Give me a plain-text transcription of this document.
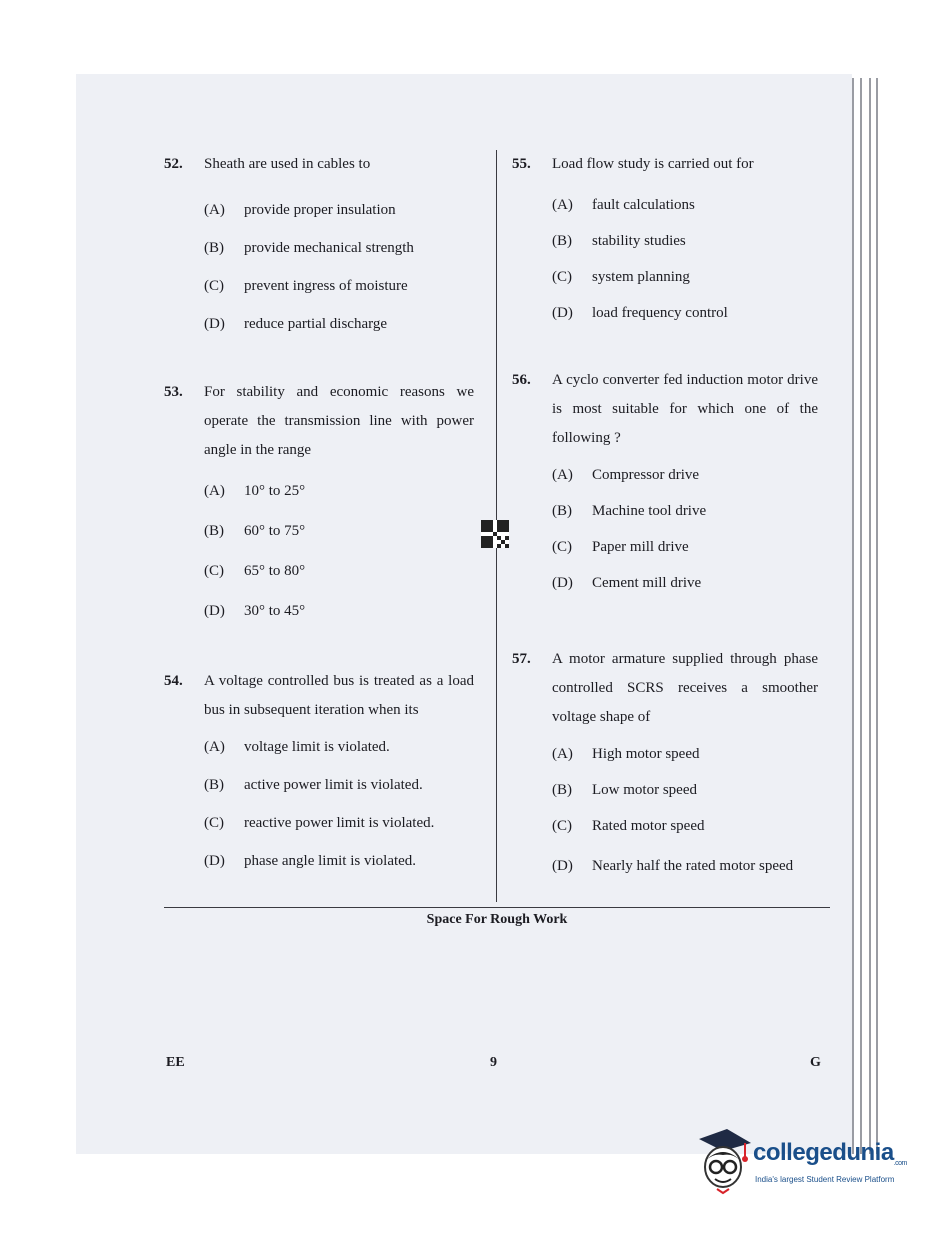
52.	Sheath are used in cables to
(A)	provide proper insulation
(B)	provide mechanical strength
(C)	prevent ingress of moisture
(D)	reduce partial discharge
53.	For stability and economic reasons we operate the transmission line with power angle in the range
(A)	10° to 25°
(B)	60° to 75°
(C)	65° to 80°
(D)	30° to 45°
54.	A voltage controlled bus is treated as a load bus in subsequent iteration when its
(A)	voltage limit is violated.
(B)	active power limit is violated.
(C)	reactive power limit is violated.
(D)	phase angle limit is violated.
55.	Load flow study is carried out for
(A)	fault calculations
(B)	stability studies
(C)	system planning
(D)	load frequency control
56.	A cyclo converter fed induction motor drive is most suitable for which one of the following ?
(A)	Compressor drive
(B)	Machine tool drive
(C)	Paper mill drive
(D)	Cement mill drive
57.	A motor armature supplied through phase controlled SCRS receives a smoother voltage shape of
(A)	High motor speed
(B)	Low motor speed
(C)	Rated motor speed
(D)	Nearly half the rated motor speed
Space For Rough Work
EE	9	G
collegedunia.com
India's largest Student Review Platform
